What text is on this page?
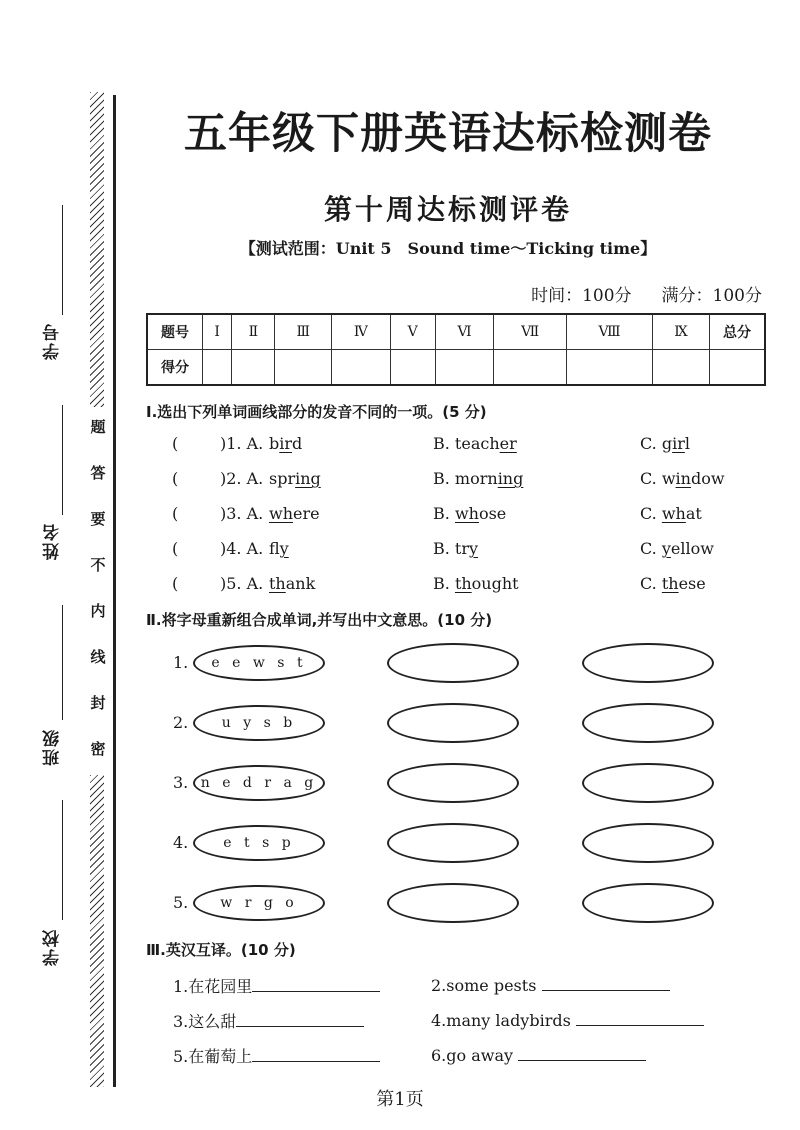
学号
姓名
班级
学校
题
答
要
不
内
线
封
密
五年级下册英语达标检测卷
第十周达标测评卷
【测试范围：Unit 5　Sound time～Ticking time】
时间：100分 满分：100分
题号	Ⅰ	Ⅱ	Ⅲ	Ⅳ	Ⅴ	Ⅵ	Ⅶ	Ⅷ	Ⅸ	总分
得分										
Ⅰ.选出下列单词画线部分的发音不同的一项。(5 分)
(	)1. A. bird	B. teacher	C. girl
(	)2. A. spring	B. morning	C. window
(	)3. A. where	B. whose	C. what
(	)4. A. fly	B. try	C. yellow
(	)5. A. thank	B. thought	C. these
Ⅱ.将字母重新组合成单词,并写出中文意思。(10 分)
1.	e e w s t
2.	u y s b
3. n e d r a g
4.	e t s p
5.	w r g o
Ⅲ.英汉互译。(10 分)
1.在花园里	2.some pests
3.这么甜	4.many ladybirds
5.在葡萄上	6.go away
第1页
